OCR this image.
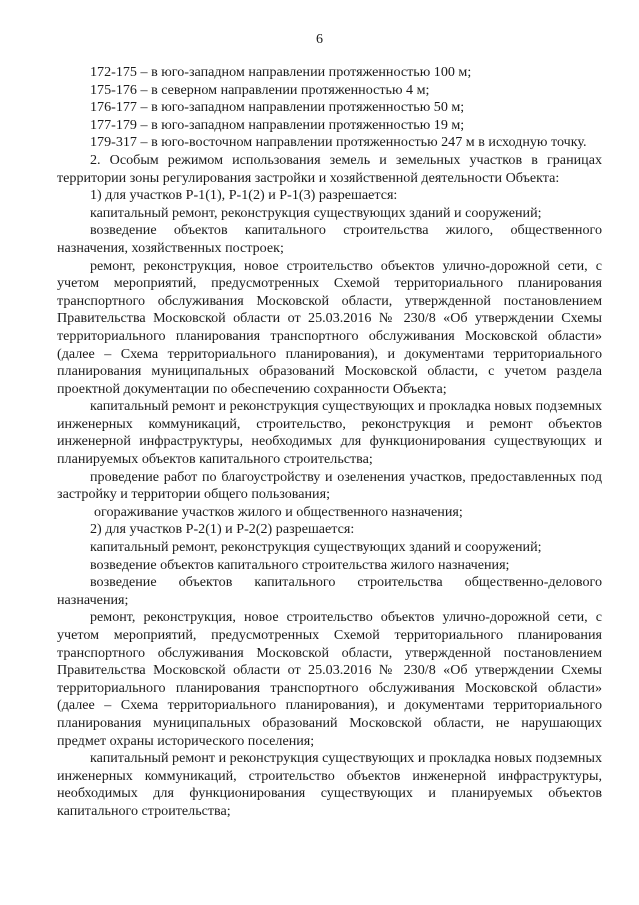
6

172-175 – в юго-западном направлении протяженностью 100 м;

175-176 – в северном направлении протяженностью 4 м;

176-177 – в юго-западном направлении протяженностью 50 м;

177-179 – в юго-западном направлении протяженностью 19 м;

179-317 – в юго-восточном направлении протяженностью 247 м в исходную точку.

2. Особым режимом использования земель и земельных участков в границах территории зоны регулирования застройки и хозяйственной деятельности Объекта:

1) для участков Р-1(1), Р-1(2) и Р-1(3) разрешается:

капитальный ремонт, реконструкция существующих зданий и сооружений;

возведение объектов капитального строительства жилого, общественного назначения, хозяйственных построек;

ремонт, реконструкция, новое строительство объектов улично-дорожной сети, с учетом мероприятий, предусмотренных Схемой территориального планирования транспортного обслуживания Московской области, утвержденной постановлением Правительства Московской области от 25.03.2016 № 230/8 «Об утверждении Схемы территориального планирования транспортного обслуживания Московской области» (далее – Схема территориального планирования), и документами территориального планирования муниципальных образований Московской области, с учетом раздела проектной документации по обеспечению сохранности Объекта;

капитальный ремонт и реконструкция существующих и прокладка новых подземных инженерных коммуникаций, строительство, реконструкция и ремонт объектов инженерной инфраструктуры, необходимых для функционирования существующих и планируемых объектов капитального строительства;

проведение работ по благоустройству и озеленения участков, предоставленных под застройку и территории общего пользования;

огораживание участков жилого и общественного назначения;

2) для участков Р-2(1) и Р-2(2) разрешается:

капитальный ремонт, реконструкция существующих зданий и сооружений;

возведение объектов капитального строительства жилого назначения;

возведение объектов капитального строительства общественно-делового назначения;

ремонт, реконструкция, новое строительство объектов улично-дорожной сети, с учетом мероприятий, предусмотренных Схемой территориального планирования транспортного обслуживания Московской области, утвержденной постановлением Правительства Московской области от 25.03.2016 № 230/8 «Об утверждении Схемы территориального планирования транспортного обслуживания Московской области» (далее – Схема территориального планирования), и документами территориального планирования муниципальных образований Московской области, не нарушающих предмет охраны исторического поселения;

капитальный ремонт и реконструкция существующих и прокладка новых подземных инженерных коммуникаций, строительство объектов инженерной инфраструктуры, необходимых для функционирования существующих и планируемых объектов капитального строительства;
